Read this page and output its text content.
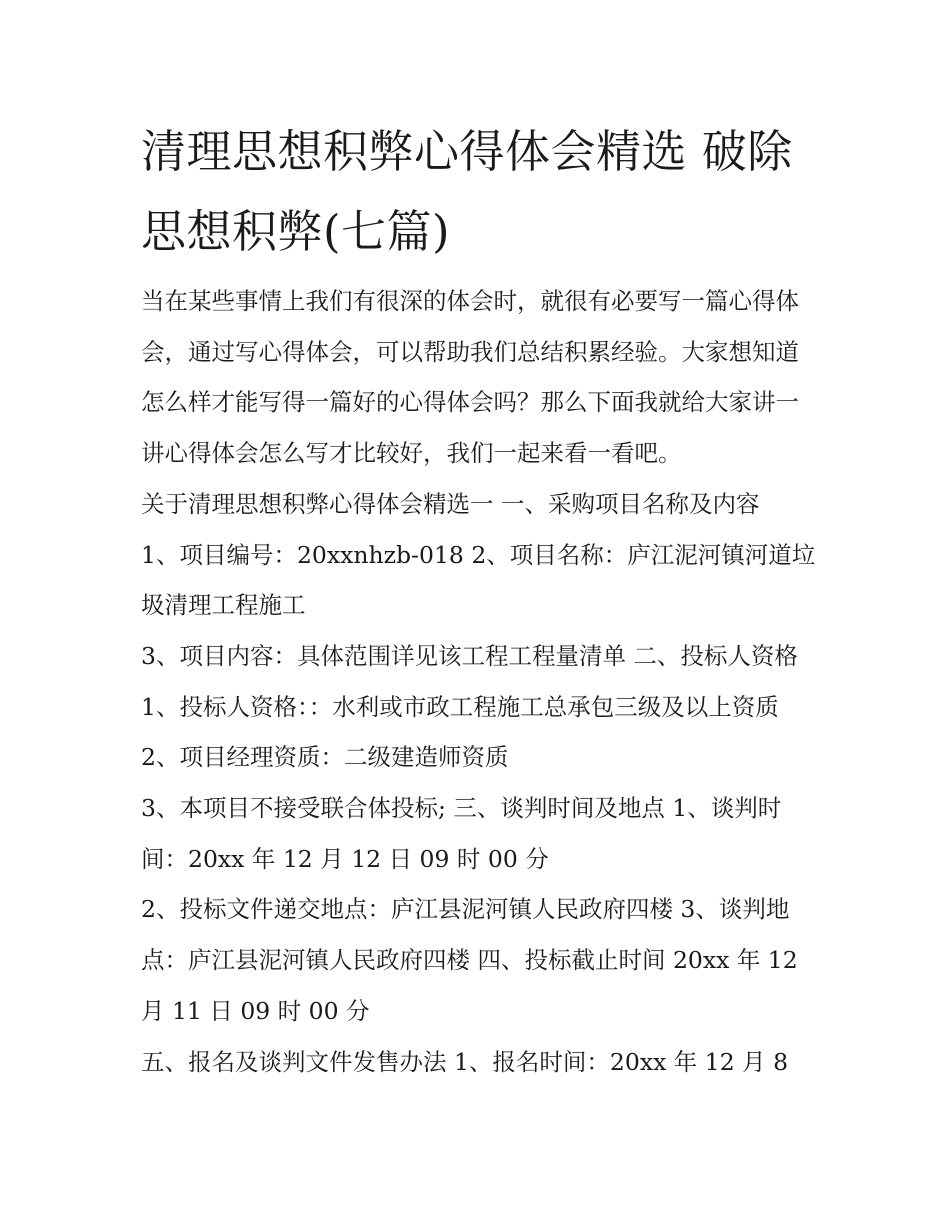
清理思想积弊心得体会精选 破除思想积弊(七篇)

当在某些事情上我们有很深的体会时，就很有必要写一篇心得体会，通过写心得体会，可以帮助我们总结积累经验。大家想知道怎么样才能写得一篇好的心得体会吗？那么下面我就给大家讲一讲心得体会怎么写才比较好，我们一起来看一看吧。

关于清理思想积弊心得体会精选一 一、采购项目名称及内容

1、项目编号：20xxnhzb-018 2、项目名称：庐江泥河镇河道垃圾清理工程施工

3、项目内容：具体范围详见该工程工程量清单 二、投标人资格 1、投标人资格：：水利或市政工程施工总承包三级及以上资质 2、项目经理资质：二级建造师资质

3、本项目不接受联合体投标; 三、谈判时间及地点 1、谈判时间：20xx 年 12 月 12 日 09 时 00 分

2、投标文件递交地点：庐江县泥河镇人民政府四楼 3、谈判地点：庐江县泥河镇人民政府四楼 四、投标截止时间 20xx 年 12 月 11 日 09 时 00 分

五、报名及谈判文件发售办法 1、报名时间：20xx 年 12 月 8
